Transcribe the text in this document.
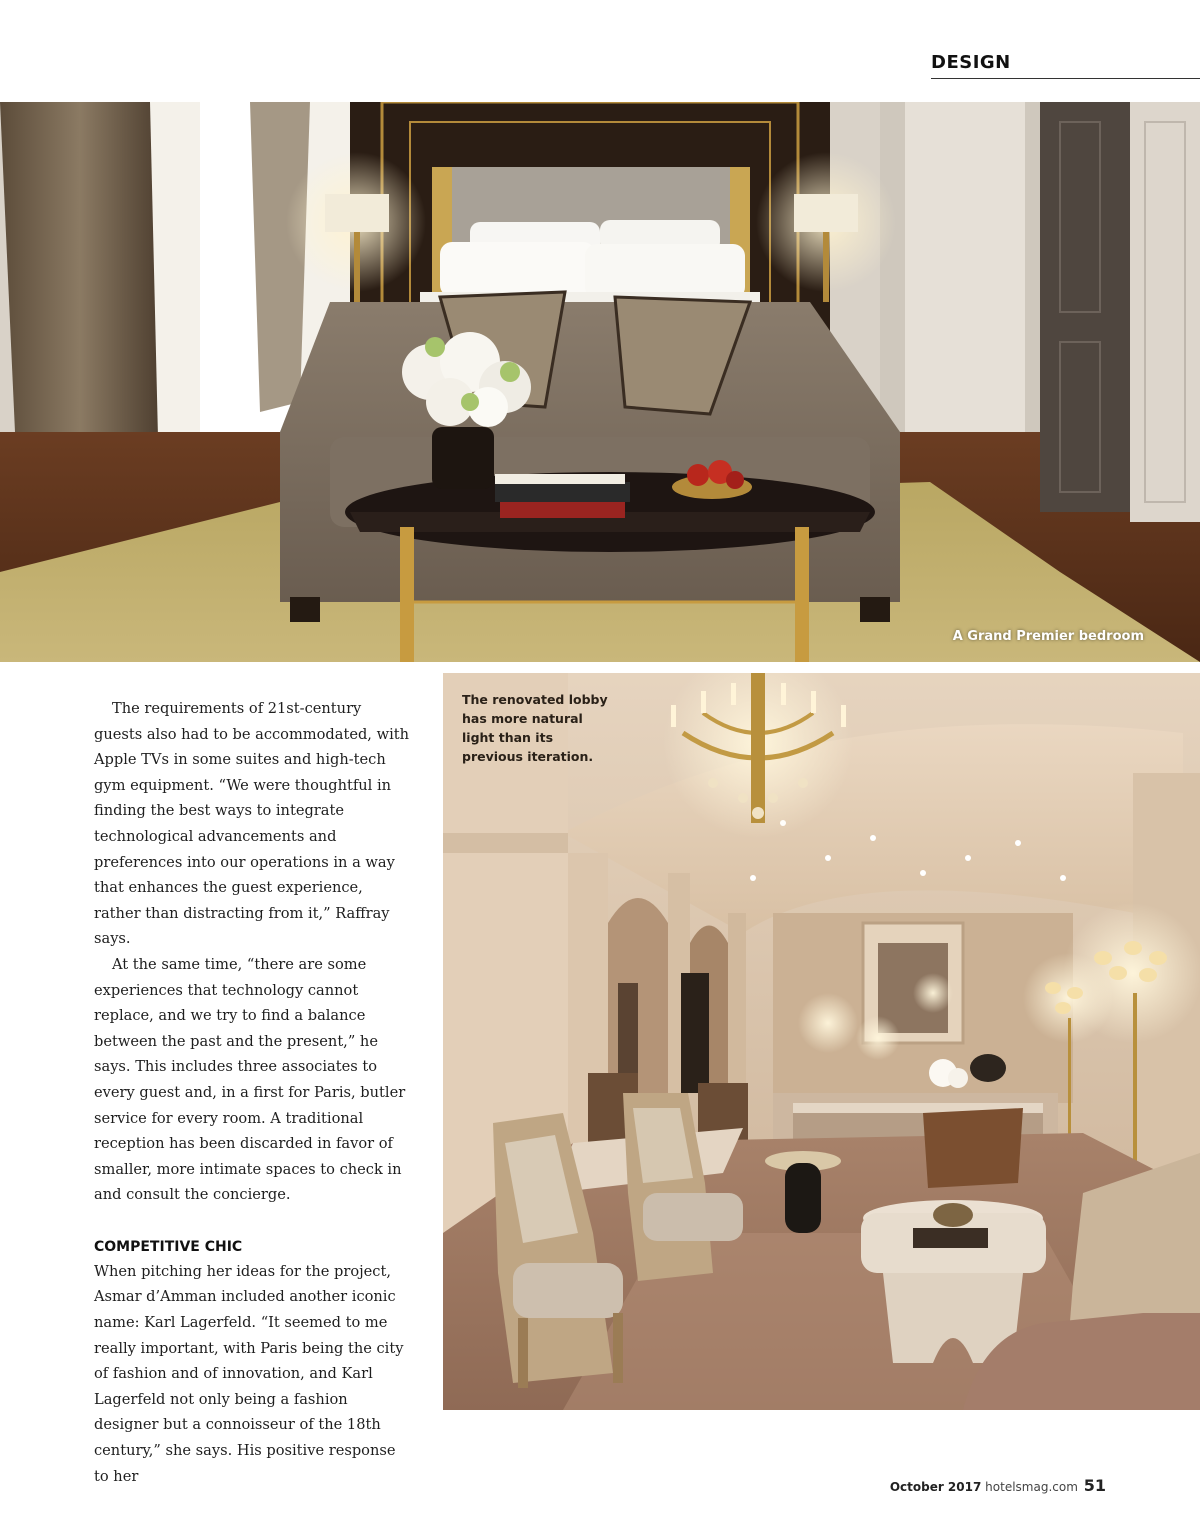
DESIGN
A Grand Premier bedroom
The renovated lobby has more natural light than its previous iteration.

The requirements of 21st-century guests also had to be accommodated, with Apple TVs in some suites and high-tech gym equipment. “We were thoughtful in finding the best ways to integrate technological advancements and preferences into our operations in a way that enhances the guest experience, rather than distracting from it,” Raffray says.

At the same time, “there are some experiences that technology cannot replace, and we try to find a balance between the past and the present,” he says. This includes three associates to every guest and, in a first for Paris, butler service for every room. A traditional reception has been discarded in favor of smaller, more intimate spaces to check in and consult the concierge.

COMPETITIVE CHIC

When pitching her ideas for the project, Asmar d’Amman included another iconic name: Karl Lagerfeld. “It seemed to me really important, with Paris being the city of fashion and of innovation, and Karl Lagerfeld not only being a fashion designer but a connoisseur of the 18th century,” she says. His positive response to her

October 2017 hotelsmag.com 51
